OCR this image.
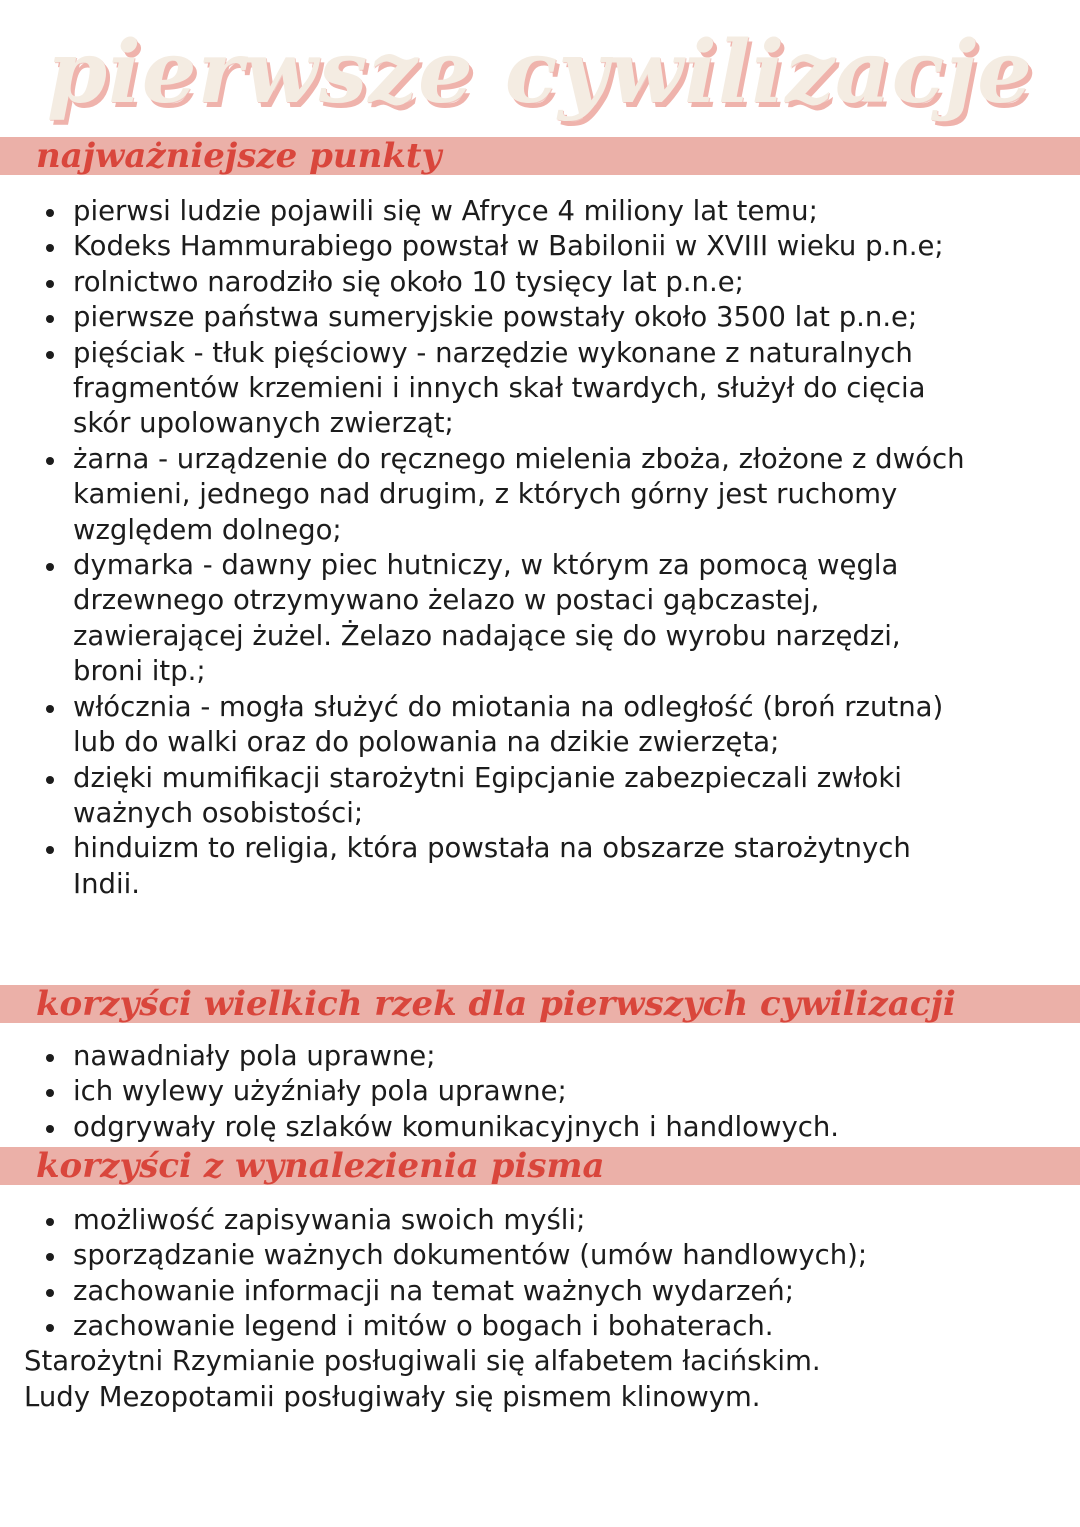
pierwsze cywilizacje
najważniejsze punkty
pierwsi ludzie pojawili się w Afryce 4 miliony lat temu;
Kodeks Hammurabiego powstał w Babilonii w XVIII wieku p.n.e;
rolnictwo narodziło się około 10 tysięcy lat p.n.e;
pierwsze państwa sumeryjskie powstały około 3500 lat p.n.e;
pięściak - tłuk pięściowy - narzędzie wykonane z naturalnych fragmentów krzemieni i innych skał twardych, służył do cięcia skór upolowanych zwierząt;
żarna - urządzenie do ręcznego mielenia zboża, złożone z dwóch kamieni, jednego nad drugim, z których górny jest ruchomy względem dolnego;
dymarka - dawny piec hutniczy, w którym za pomocą węgla drzewnego otrzymywano żelazo w postaci gąbczastej, zawierającej żużel. Żelazo nadające się do wyrobu narzędzi, broni itp.;
włócznia - mogła służyć do miotania na odległość (broń rzutna) lub do walki oraz do polowania na dzikie zwierzęta;
dzięki mumifikacji starożytni Egipcjanie zabezpieczali zwłoki ważnych osobistości;
hinduizm to religia, która powstała na obszarze starożytnych Indii.
korzyści wielkich rzek dla pierwszych cywilizacji
nawadniały pola uprawne;
ich wylewy użyźniały pola uprawne;
odgrywały rolę szlaków komunikacyjnych i handlowych.
korzyści z wynalezienia pisma
możliwość zapisywania swoich myśli;
sporządzanie ważnych dokumentów (umów handlowych);
zachowanie informacji na temat ważnych wydarzeń;
zachowanie legend i mitów o bogach i bohaterach.

Starożytni Rzymianie posługiwali się alfabetem łacińskim.

Ludy Mezopotamii posługiwały się pismem klinowym.
